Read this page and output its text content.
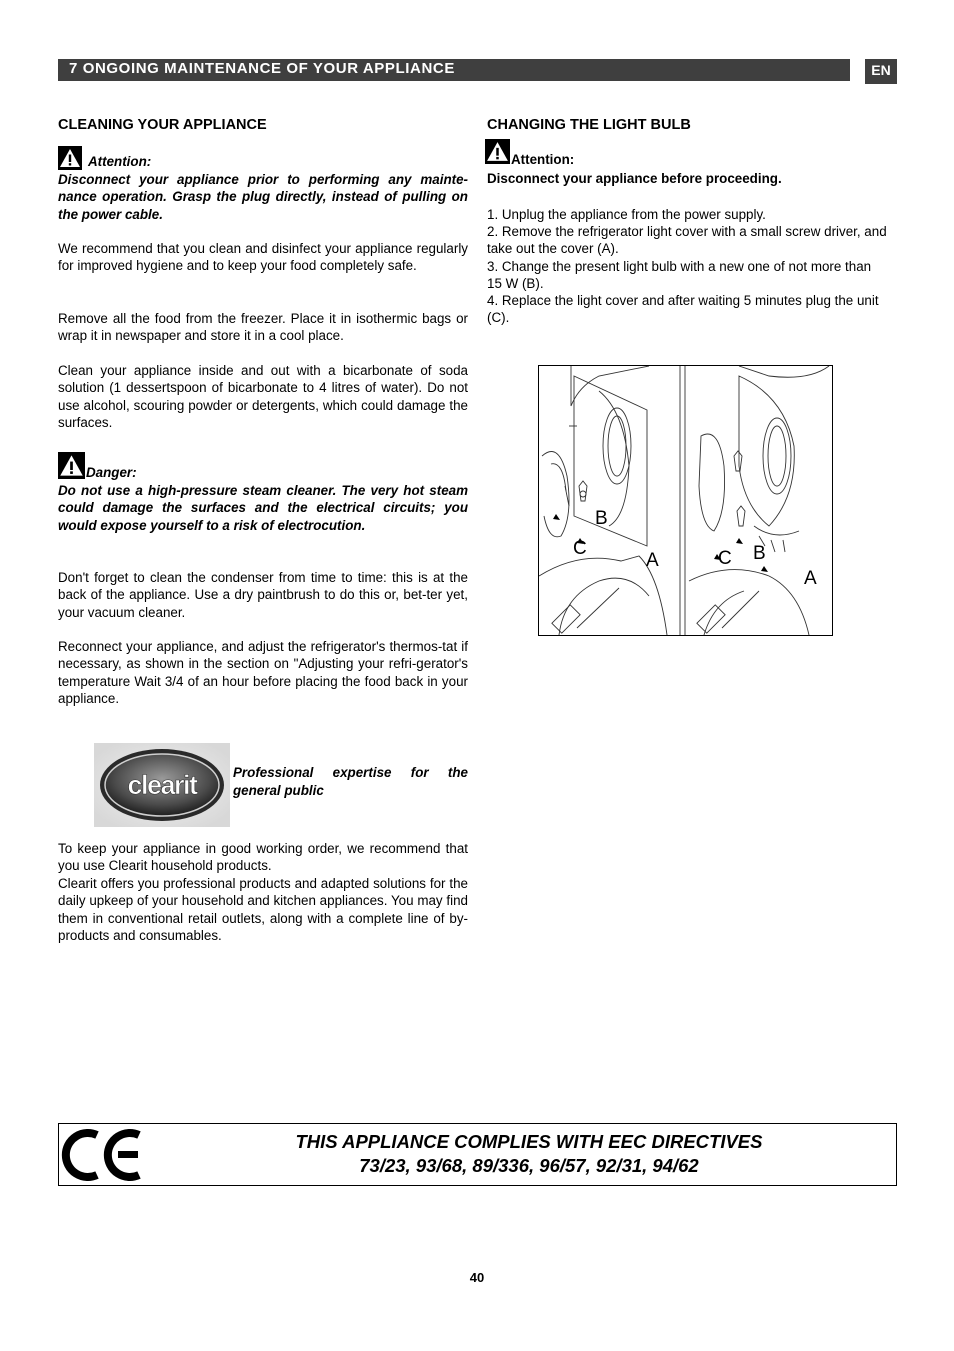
7 ONGOING MAINTENANCE OF YOUR APPLIANCE	EN
CLEANING YOUR APPLIANCE
Attention:
Disconnect your appliance prior to performing any mainte-nance operation. Grasp the plug directly, instead of pulling on the power cable.
We recommend that you clean and disinfect your appliance regularly for improved hygiene and to keep your food completely safe.
Remove all the food from the freezer. Place it in isothermic bags or wrap it in newspaper and store it in a cool place.
Clean your appliance inside and out with a bicarbonate of soda solution (1 dessertspoon of bicarbonate to 4 litres of water). Do not use alcohol, scouring powder or detergents, which could damage the surfaces.
Danger:
Do not use a high-pressure steam cleaner. The very hot steam could damage the surfaces and the electrical circuits; you would expose yourself to a risk of electrocution.
Don't forget to clean the condenser from time to time: this is at the back of the appliance. Use a dry paintbrush to do this or, bet-ter yet, your vacuum cleaner.
Reconnect your appliance, and adjust the refrigerator's thermos-tat if necessary, as shown in the section on "Adjusting your refri-gerator's temperature Wait 3/4 of an hour before placing the food back in your appliance.
clearit	Professional expertise for the general public
To keep your appliance in good working order, we recommend that you use Clearit household products.
Clearit offers you professional products and adapted solutions for the daily upkeep of your household and kitchen appliances. You may find them in conventional retail outlets, along with a complete line of by-products and consumables.
CHANGING THE LIGHT BULB
Attention:
Disconnect your appliance before proceeding.
1. Unplug the appliance from the power supply.
2. Remove the refrigerator light cover with a small screw driver, and take out the cover (A).
3. Change the present light bulb with a new one of not more than 15 W (B).
4. Replace the light cover and after waiting 5 minutes plug the unit (C).
B
C
A	C B
A
THIS APPLIANCE COMPLIES WITH EEC DIRECTIVES
73/23, 93/68, 89/336, 96/57, 92/31, 94/62
40
